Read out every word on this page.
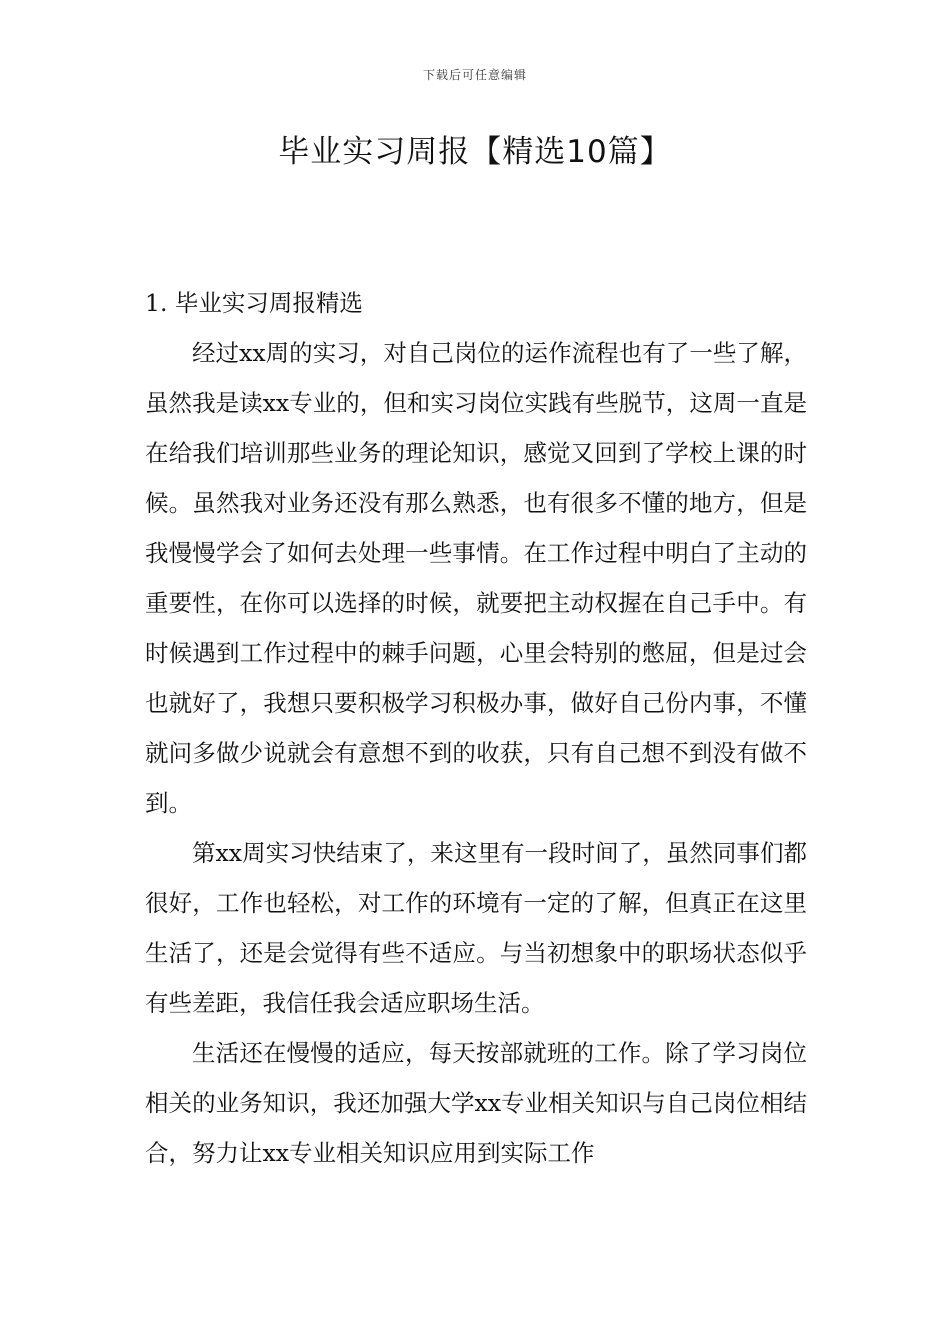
下载后可任意编辑
毕业实习周报【精选10篇】
1. 毕业实习周报精选

经过xx周的实习，对自己岗位的运作流程也有了一些了解，虽然我是读xx专业的，但和实习岗位实践有些脱节，这周一直是在给我们培训那些业务的理论知识，感觉又回到了学校上课的时候。虽然我对业务还没有那么熟悉，也有很多不懂的地方，但是我慢慢学会了如何去处理一些事情。在工作过程中明白了主动的重要性，在你可以选择的时候，就要把主动权握在自己手中。有时候遇到工作过程中的棘手问题，心里会特别的憋屈，但是过会也就好了，我想只要积极学习积极办事，做好自己份内事，不懂就问多做少说就会有意想不到的收获，只有自己想不到没有做不到。

第xx周实习快结束了，来这里有一段时间了，虽然同事们都很好，工作也轻松，对工作的环境有一定的了解，但真正在这里生活了，还是会觉得有些不适应。与当初想象中的职场状态似乎有些差距，我信任我会适应职场生活。

生活还在慢慢的适应，每天按部就班的工作。除了学习岗位相关的业务知识，我还加强大学xx专业相关知识与自己岗位相结合，努力让xx专业相关知识应用到实际工作
